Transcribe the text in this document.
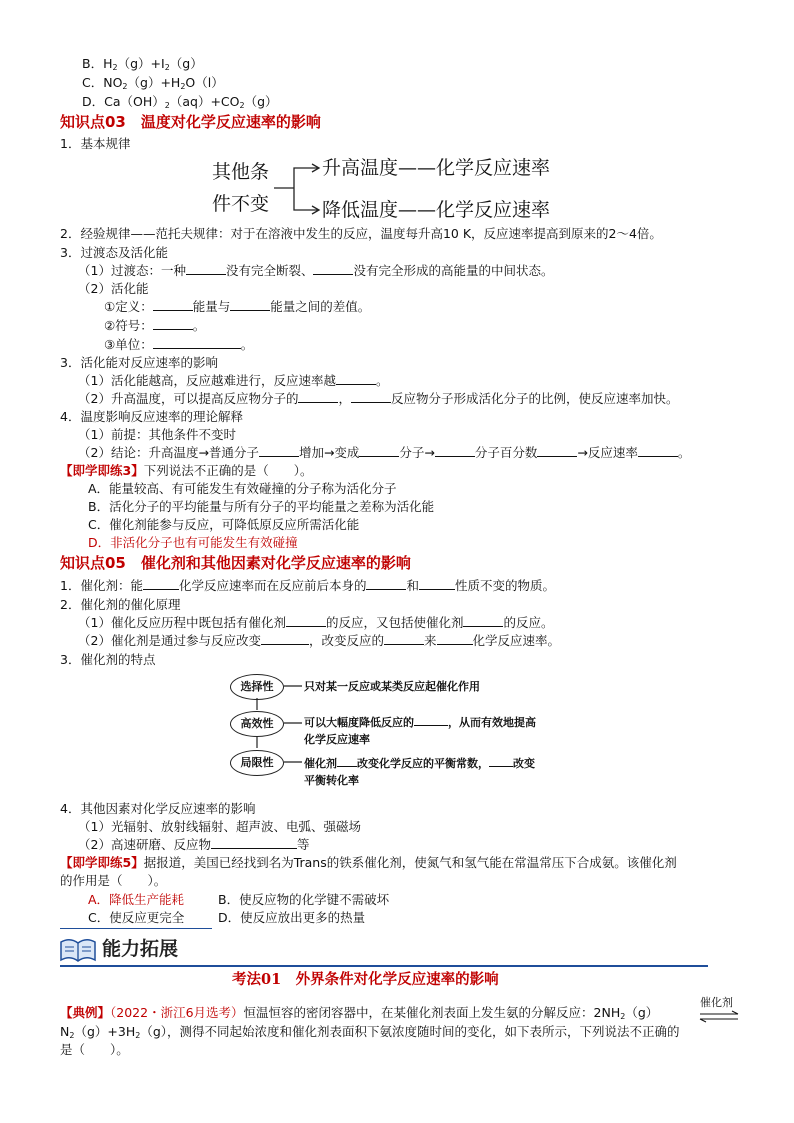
B．$H_2(g)+I_2(g)$
C．$NO_2(g)+H_2O(l)$
D．$Ca(OH)_2(aq)+CO_2(g)$
知识点03　温度对化学反应速率的影响
1．基本规律
其他条
件不变
升高温度——化学反应速率
降低温度——化学反应速率
2．经验规律——范托夫规律：对于在溶液中发生的反应，温度每升高10 K，反应速率提高到原来的2～4倍。
3．过渡态及活化能
（1）过渡态：一种	没有完全断裂、	没有完全形成的高能量的中间状态。
（2）活化能
①定义：	能量与	能量之间的差值。
②符号：	。
③单位：	。
3．活化能对反应速率的影响
（1）活化能越高，反应越难进行，反应速率越	。
（2）升高温度，可以提高反应物分子的	，	反应物分子形成活化分子的比例，使反应速率加快。
4．温度影响反应速率的理论解释
（1）前提：其他条件不变时
（2）结论：升高温度→普通分子	增加→变成	分子→	分子百分数	→反应速率	。
【即学即练3】下列说法不正确的是（　　）。
A．能量较高、有可能发生有效碰撞的分子称为活化分子
B．活化分子的平均能量与所有分子的平均能量之差称为活化能
C．催化剂能参与反应，可降低原反应所需活化能
D．非活化分子也有可能发生有效碰撞
知识点05　催化剂和其他因素对化学反应速率的影响
1．催化剂：能	化学反应速率而在反应前后本身的	和	性质不变的物质。
2．催化剂的催化原理
（1）催化反应历程中既包括有催化剂	的反应，又包括使催化剂	的反应。
（2）催化剂是通过参与反应改变	，改变反应的	来	化学反应速率。
3．催化剂的特点
选择性
高效性
局限性
只对某一反应或某类反应起催化作用
可以大幅度降低反应的	，从而有效地提高
化学反应速率
催化剂 改变化学反应的平衡常数， 改变
平衡转化率
4．其他因素对化学反应速率的影响
（1）光辐射、放射线辐射、超声波、电弧、强磁场
（2）高速研磨、反应物	等
【即学即练5】据报道，美国已经找到名为Trans的铁系催化剂，使氮气和氢气能在常温常压下合成氨。该催化剂
的作用是（　　）。
A．降低生产能耗	B．使反应物的化学键不需破坏
C．使反应更完全	D．使反应放出更多的热量
能力拓展
考法01　外界条件对化学反应速率的影响
【典例】（2022・浙江6月选考）恒温恒容的密闭容器中，在某催化剂表面上发生氨的分解反应：$2NH_2(g)$
催化剂
$N_2(g)+3H_2(g)$，测得不同起始浓度和催化剂表面积下氨浓度随时间的变化，如下表所示，下列说法不正确的
是（　　）。
